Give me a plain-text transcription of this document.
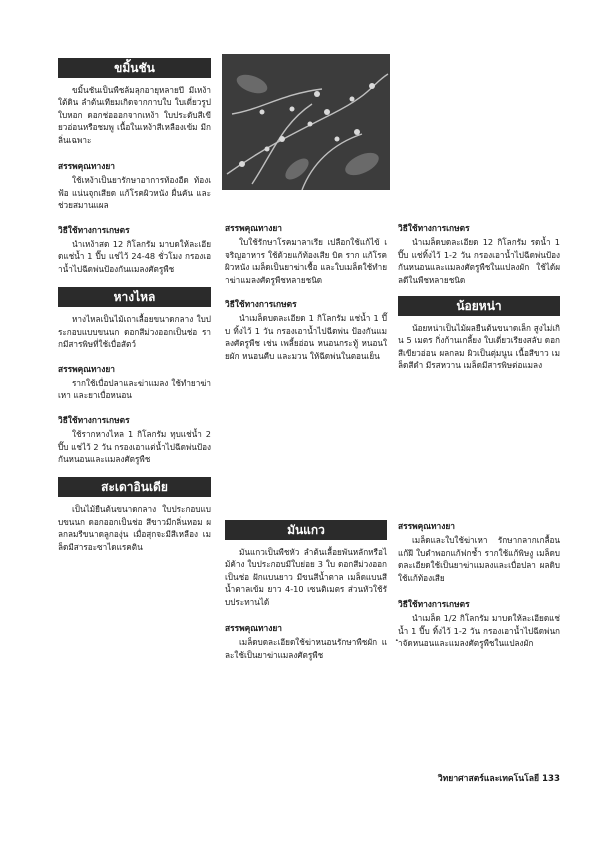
ขมิ้นชัน

ขมิ้นชันเป็นพืชล้มลุกอายุหลายปี มีเหง้าใต้ดิน ลำต้นเทียมเกิดจากกาบใบ ใบเดี่ยวรูปใบหอก ดอกช่อออกจากเหง้า ใบประดับสีเขียวอ่อนหรือชมพู เนื้อในเหง้าสีเหลืองเข้ม มีกลิ่นเฉพาะ

สรรพคุณทางยา

ใช้เหง้าเป็นยารักษาอาการท้องอืด ท้องเฟ้อ แน่นจุกเสียด แก้โรคผิวหนัง ผื่นคัน และช่วยสมานแผล

วิธีใช้ทางการเกษตร

นำเหง้าสด 12 กิโลกรัม มาบดให้ละเอียดแช่น้ำ 1 ปี๊บ แช่ไว้ 24-48 ชั่วโมง กรองเอาน้ำไปฉีดพ่นป้องกันแมลงศัตรูพืช

หางไหล

หางไหลเป็นไม้เถาเลื้อยขนาดกลาง ใบประกอบแบบขนนก ดอกสีม่วงออกเป็นช่อ รากมีสารพิษที่ใช้เบื่อสัตว์

สรรพคุณทางยา

รากใช้เบื่อปลาและฆ่าแมลง ใช้ทำยาฆ่าเหา และยาเบื่อหนอน

วิธีใช้ทางการเกษตร

ใช้รากหางไหล 1 กิโลกรัม ทุบแช่น้ำ 2 ปี๊บ แช่ไว้ 2 วัน กรองเอาแต่น้ำไปฉีดพ่นป้องกันหนอนและแมลงศัตรูพืช

สะเดาอินเดีย

เป็นไม้ยืนต้นขนาดกลาง ใบประกอบแบบขนนก ดอกออกเป็นช่อ สีขาวมีกลิ่นหอม ผลกลมรีขนาดลูกองุ่น เมื่อสุกจะมีสีเหลือง เมล็ดมีสารอะซาไดแรคติน

สรรพคุณทางยา

ใบใช้รักษาโรคมาลาเรีย เปลือกใช้แก้ไข้ เจริญอาหาร ใช้ด้วยแก้ท้องเสีย บิด ราก แก้โรคผิวหนัง เมล็ดเป็นยาฆ่าเชื้อ และใบเมล็ดใช้ทำยาฆ่าแมลงศัตรูพืชหลายชนิด

วิธีใช้ทางการเกษตร

นำเมล็ดบดละเอียด 1 กิโลกรัม แช่น้ำ 1 ปี๊บ ทิ้งไว้ 1 วัน กรองเอาน้ำไปฉีดพ่น ป้องกันแมลงศัตรูพืช เช่น เพลี้ยอ่อน หนอนกระทู้ หนอนใยผัก หนอนคืบ และมวน ให้ฉีดพ่นในตอนเย็น

มันแกว

มันแกวเป็นพืชหัว ลำต้นเลื้อยพันหลักหรือไม้ค้าง ใบประกอบมีใบย่อย 3 ใบ ดอกสีม่วงออกเป็นช่อ ฝักแบนยาว มีขนสีน้ำตาล เมล็ดแบนสีน้ำตาลเข้ม ยาว 4-10 เซนติเมตร ส่วนหัวใช้รับประทานได้

สรรพคุณทางยา

เมล็ดบดละเอียดใช้ฆ่าหนอนรักษาพืชผัก และใช้เป็นยาฆ่าแมลงศัตรูพืช

วิธีใช้ทางการเกษตร

นำเมล็ดบดละเอียด 12 กิโลกรัม รดน้ำ 1 ปี๊บ แช่ทิ้งไว้ 1-2 วัน กรองเอาน้ำไปฉีดพ่นป้องกันหนอนและแมลงศัตรูพืชในแปลงผัก ใช้ได้ผลดีในพืชหลายชนิด

น้อยหน่า

น้อยหน่าเป็นไม้ผลยืนต้นขนาดเล็ก สูงไม่เกิน 5 เมตร กิ่งก้านเกลี้ยง ใบเดี่ยวเรียงสลับ ดอกสีเขียวอ่อน ผลกลม ผิวเป็นตุ่มนูน เนื้อสีขาว เมล็ดสีดำ มีรสหวาน เมล็ดมีสารพิษต่อแมลง

สรรพคุณทางยา

เมล็ดและใบใช้ฆ่าเหา รักษากลากเกลื้อน แก้ฝี ใบตำพอกแก้ฟกช้ำ รากใช้แก้พิษงู เมล็ดบดละเอียดใช้เป็นยาฆ่าแมลงและเบื่อปลา ผลดิบใช้แก้ท้องเสีย

วิธีใช้ทางการเกษตร

นำเมล็ด 1/2 กิโลกรัม มาบดให้ละเอียดแช่น้ำ 1 ปี๊บ ทิ้งไว้ 1-2 วัน กรองเอาน้ำไปฉีดพ่นกำจัดหนอนและแมลงศัตรูพืชในแปลงผัก

วิทยาศาสตร์และเทคโนโลยี 133
